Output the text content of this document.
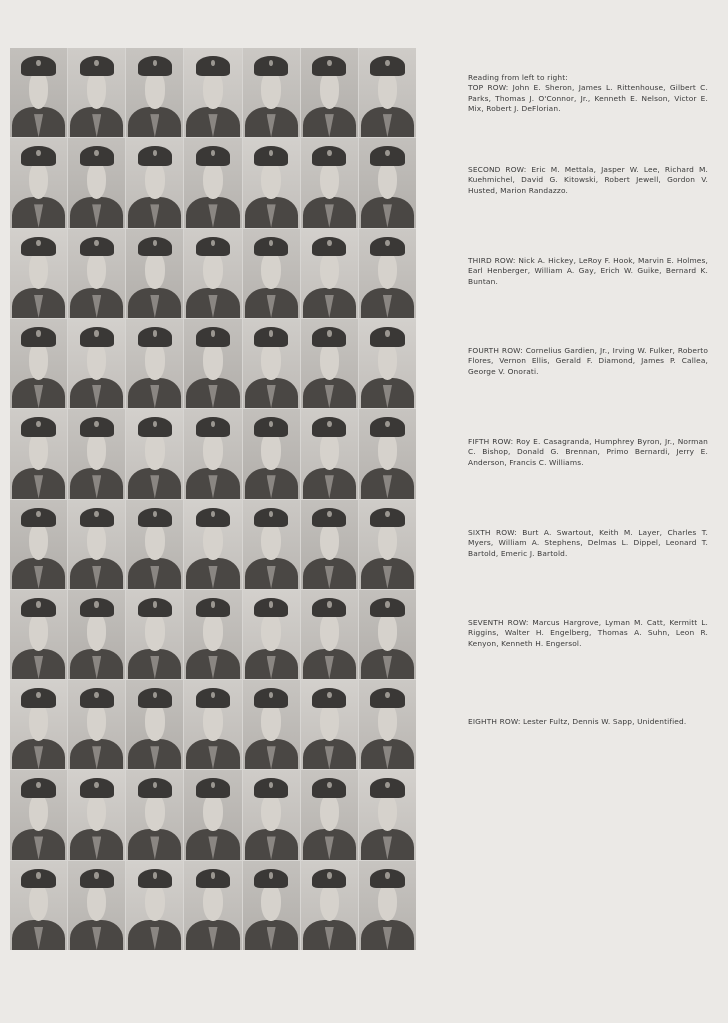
Reading from left to right:
TOP ROW: John E. Sheron, James L. Rittenhouse, Gilbert C. Parks, Thomas J. O'Connor, Jr., Kenneth E. Nelson, Victor E. Mix, Robert J. DeFlorian.
SECOND ROW: Eric M. Mettala, Jasper W. Lee, Richard M. Kuehmichel, David G. Kitowski, Robert Jewell, Gordon V. Husted, Marion Randazzo.
THIRD ROW: Nick A. Hickey, LeRoy F. Hook, Marvin E. Holmes, Earl Henberger, William A. Gay, Erich W. Guike, Bernard K. Buntan.
FOURTH ROW: Cornelius Gardien, Jr., Irving W. Fulker, Roberto Flores, Vernon Ellis, Gerald F. Diamond, James P. Callea, George V. Onorati.
FIFTH ROW: Roy E. Casagranda, Humphrey Byron, Jr., Norman C. Bishop, Donald G. Brennan, Primo Bernardi, Jerry E. Anderson, Francis C. Williams.
SIXTH ROW: Burt A. Swartout, Keith M. Layer, Charles T. Myers, William A. Stephens, Delmas L. Dippel, Leonard T. Bartold, Emeric J. Bartold.
SEVENTH ROW: Marcus Hargrove, Lyman M. Catt, Kermitt L. Riggins, Walter H. Engelberg, Thomas A. Suhn, Leon R. Kenyon, Kenneth H. Engersol.
EIGHTH ROW: Lester Fultz, Dennis W. Sapp, Unidentified.
